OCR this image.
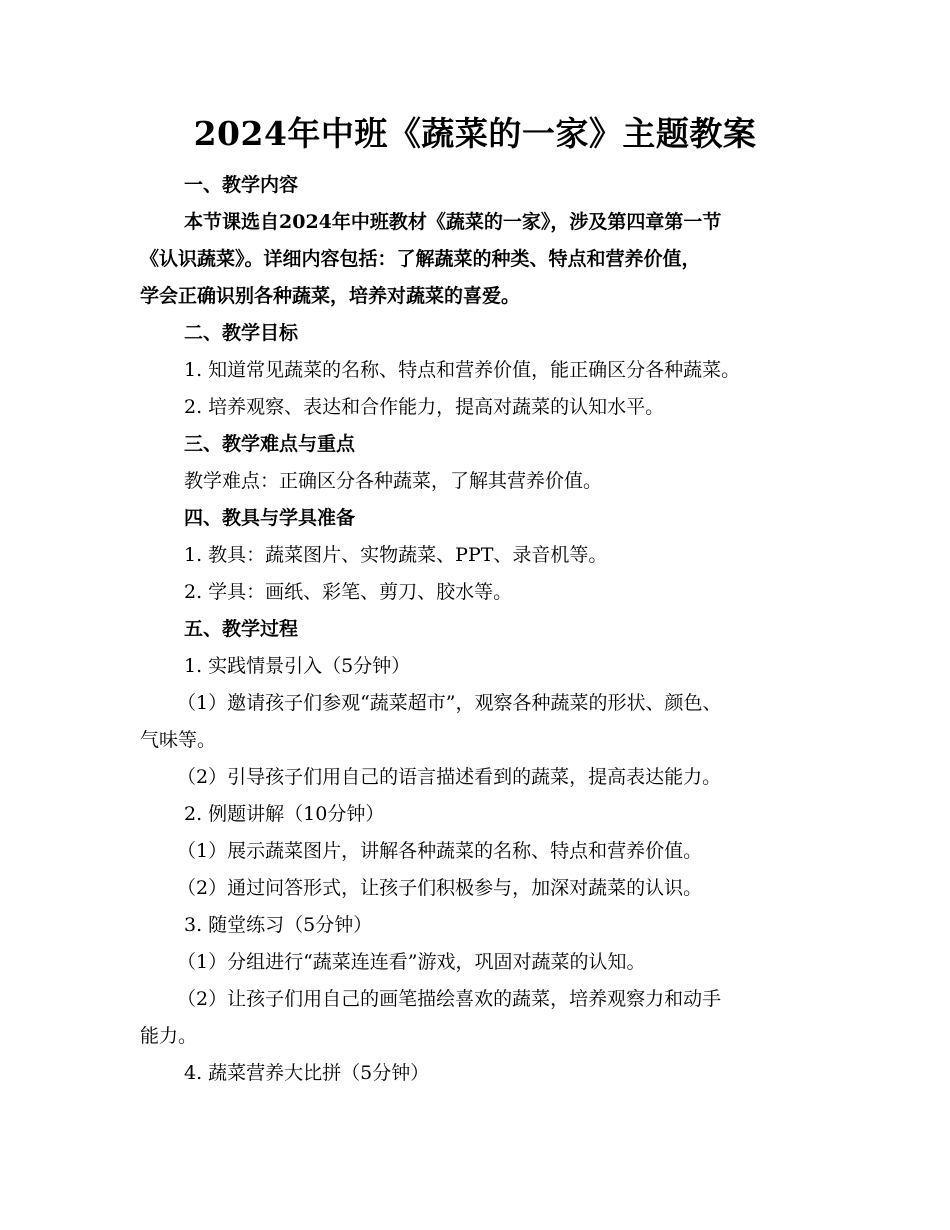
2024年中班《蔬菜的一家》主题教案
一、教学内容
本节课选自2024年中班教材《蔬菜的一家》，涉及第四章第一节
《认识蔬菜》。详细内容包括：了解蔬菜的种类、特点和营养价值，
学会正确识别各种蔬菜，培养对蔬菜的喜爱。
二、教学目标
1. 知道常见蔬菜的名称、特点和营养价值，能正确区分各种蔬菜。
2. 培养观察、表达和合作能力，提高对蔬菜的认知水平。
三、教学难点与重点
教学难点：正确区分各种蔬菜，了解其营养价值。
四、教具与学具准备
1. 教具：蔬菜图片、实物蔬菜、PPT、录音机等。
2. 学具：画纸、彩笔、剪刀、胶水等。
五、教学过程
1. 实践情景引入（5分钟）
（1）邀请孩子们参观“蔬菜超市”，观察各种蔬菜的形状、颜色、
气味等。
（2）引导孩子们用自己的语言描述看到的蔬菜，提高表达能力。
2. 例题讲解（10分钟）
（1）展示蔬菜图片，讲解各种蔬菜的名称、特点和营养价值。
（2）通过问答形式，让孩子们积极参与，加深对蔬菜的认识。
3. 随堂练习（5分钟）
（1）分组进行“蔬菜连连看”游戏，巩固对蔬菜的认知。
（2）让孩子们用自己的画笔描绘喜欢的蔬菜，培养观察力和动手
能力。
4. 蔬菜营养大比拼（5分钟）
